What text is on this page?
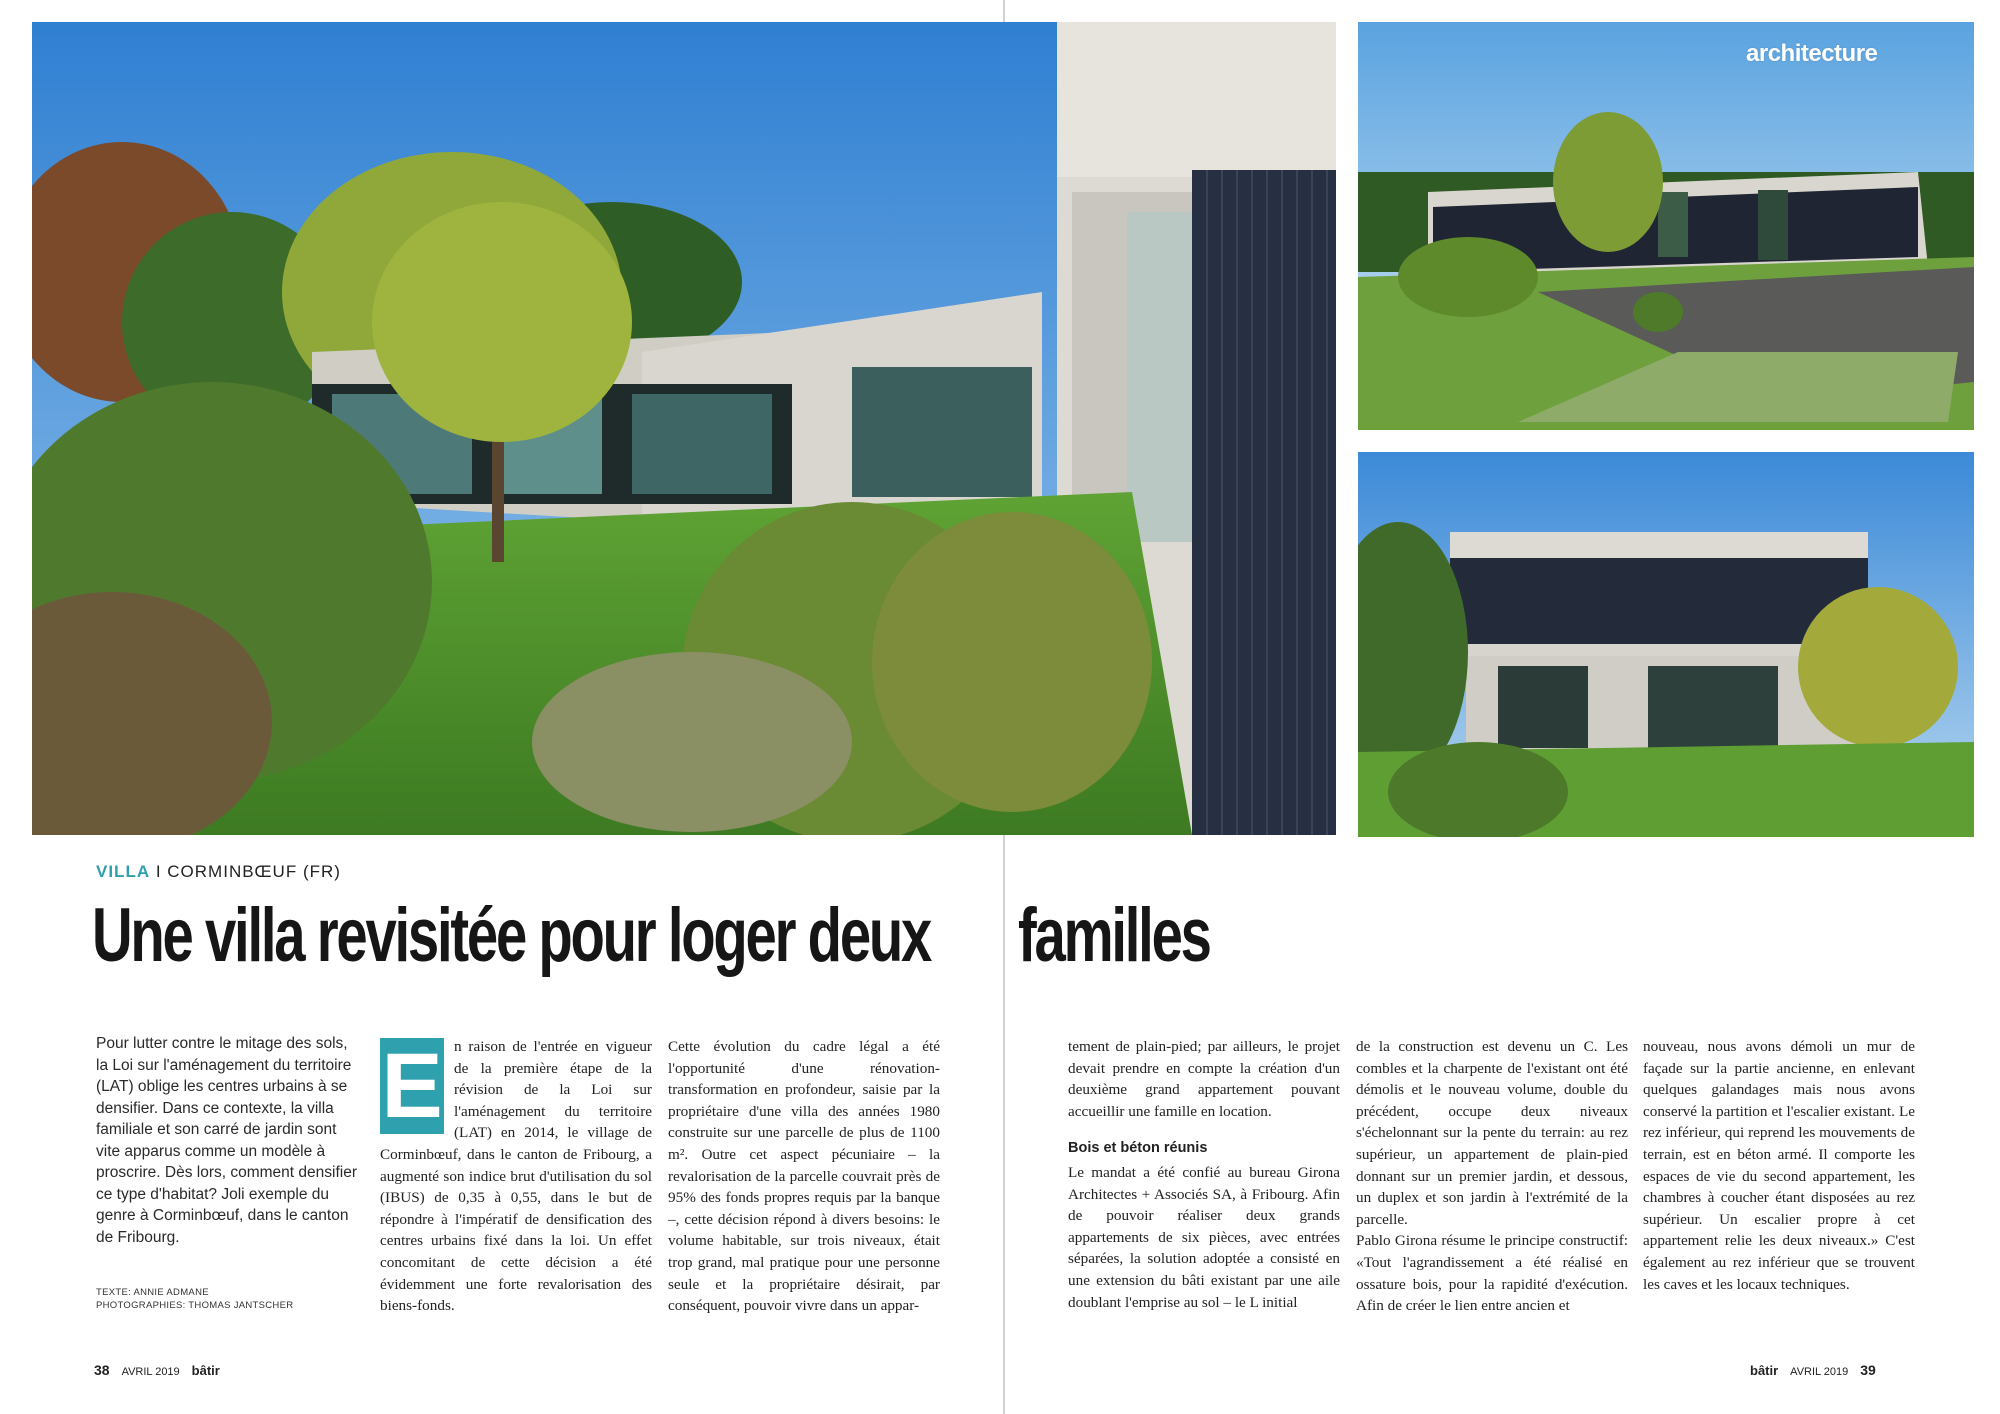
architecture
VILLA I CORMINBŒUF (FR)
Une villa revisitée pour loger deux familles
Pour lutter contre le mitage des sols, la Loi sur l'aménagement du territoire (LAT) oblige les centres urbains à se densifier. Dans ce contexte, la villa familiale et son carré de jardin sont vite apparus comme un modèle à proscrire. Dès lors, comment densifier ce type d'habitat? Joli exemple du genre à Corminbœuf, dans le canton de Fribourg.
TEXTE: ANNIE ADMANE
PHOTOGRAPHIES: THOMAS JANTSCHER
E n raison de l'entrée en vigueur de la première étape de la révision de la Loi sur l'aménagement du territoire (LAT) en 2014, le village de Corminbœuf, dans le canton de Fribourg, a augmenté son indice brut d'utilisation du sol (IBUS) de 0,35 à 0,55, dans le but de répondre à l'impératif de densification des centres urbains fixé dans la loi. Un effet concomitant de cette décision a été évidemment une forte revalorisation des biens-fonds.

Cette évolution du cadre légal a été l'opportunité d'une rénovation-transformation en profondeur, saisie par la propriétaire d'une villa des années 1980 construite sur une parcelle de plus de 1100 m². Outre cet aspect pécuniaire – la revalorisation de la parcelle couvrait près de 95% des fonds propres requis par la banque –, cette décision répond à divers besoins: le volume habitable, sur trois niveaux, était trop grand, mal pratique pour une personne seule et la propriétaire désirait, par conséquent, pouvoir vivre dans un appar-

tement de plain-pied; par ailleurs, le projet devait prendre en compte la création d'un deuxième grand appartement pouvant accueillir une famille en location.

Bois et béton réunis

Le mandat a été confié au bureau Girona Architectes + Associés SA, à Fribourg. Afin de pouvoir réaliser deux grands appartements de six pièces, avec entrées séparées, la solution adoptée a consisté en une extension du bâti existant par une aile doublant l'emprise au sol – le L initial

de la construction est devenu un C. Les combles et la charpente de l'existant ont été démolis et le nouveau volume, double du précédent, occupe deux niveaux s'échelonnant sur la pente du terrain: au rez supérieur, un appartement de plain-pied donnant sur un premier jardin, et dessous, un duplex et son jardin à l'extrémité de la parcelle.

Pablo Girona résume le principe constructif: «Tout l'agrandissement a été réalisé en ossature bois, pour la rapidité d'exécution. Afin de créer le lien entre ancien et

nouveau, nous avons démoli un mur de façade sur la partie ancienne, en enlevant quelques galandages mais nous avons conservé la partition et l'escalier existant. Le rez inférieur, qui reprend les mouvements de terrain, est en béton armé. Il comporte les espaces de vie du second appartement, les chambres à coucher étant disposées au rez supérieur. Un escalier propre à cet appartement relie les deux niveaux.» C'est également au rez inférieur que se trouvent les caves et les locaux techniques.

38 AVRIL 2019 bâtir	bâtir AVRIL 2019 39
